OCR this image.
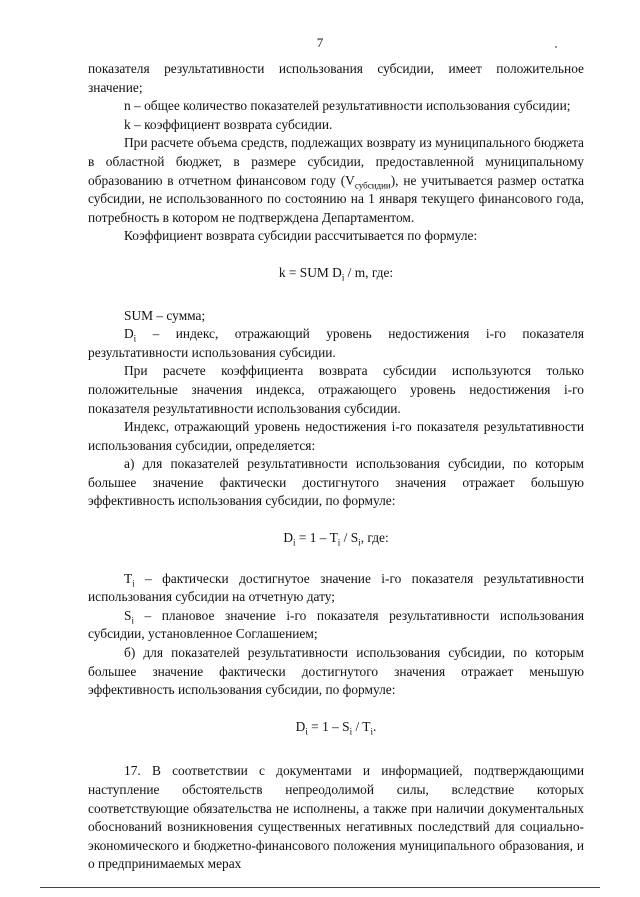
7

показателя результативности использования субсидии, имеет положительное значение;

n – общее количество показателей результативности использования субсидии;

k – коэффициент возврата субсидии.

При расчете объема средств, подлежащих возврату из муниципального бюджета в областной бюджет, в размере субсидии, предоставленной муниципальному образованию в отчетном финансовом году $(V_{субсидии})$, не учитывается размер остатка субсидии, не использованного по состоянию на 1 января текущего финансового года, потребность в котором не подтверждена Департаментом.

Коэффициент возврата субсидии рассчитывается по формуле:

k = SUM $D_i$ / m, где:

SUM – сумма;

$D_i$ – индекс, отражающий уровень недостижения i-го показателя результативности использования субсидии.

При расчете коэффициента возврата субсидии используются только положительные значения индекса, отражающего уровень недостижения i-го показателя результативности использования субсидии.

Индекс, отражающий уровень недостижения i-го показателя результативности использования субсидии, определяется:

а) для показателей результативности использования субсидии, по которым большее значение фактически достигнутого значения отражает большую эффективность использования субсидии, по формуле:

$D_i = 1 - T_i / S_i$, где:

$T_i$ – фактически достигнутое значение i-го показателя результативности использования субсидии на отчетную дату;

$S_i$ – плановое значение i-го показателя результативности использования субсидии, установленное Соглашением;

б) для показателей результативности использования субсидии, по которым большее значение фактически достигнутого значения отражает меньшую эффективность использования субсидии, по формуле:

$D_i = 1 - S_i / T_i$.

17. В соответствии с документами и информацией, подтверждающими наступление обстоятельств непреодолимой силы, вследствие которых соответствующие обязательства не исполнены, а также при наличии документальных обоснований возникновения существенных негативных последствий для социально-экономического и бюджетно-финансового положения муниципального образования, и о предпринимаемых мерах
